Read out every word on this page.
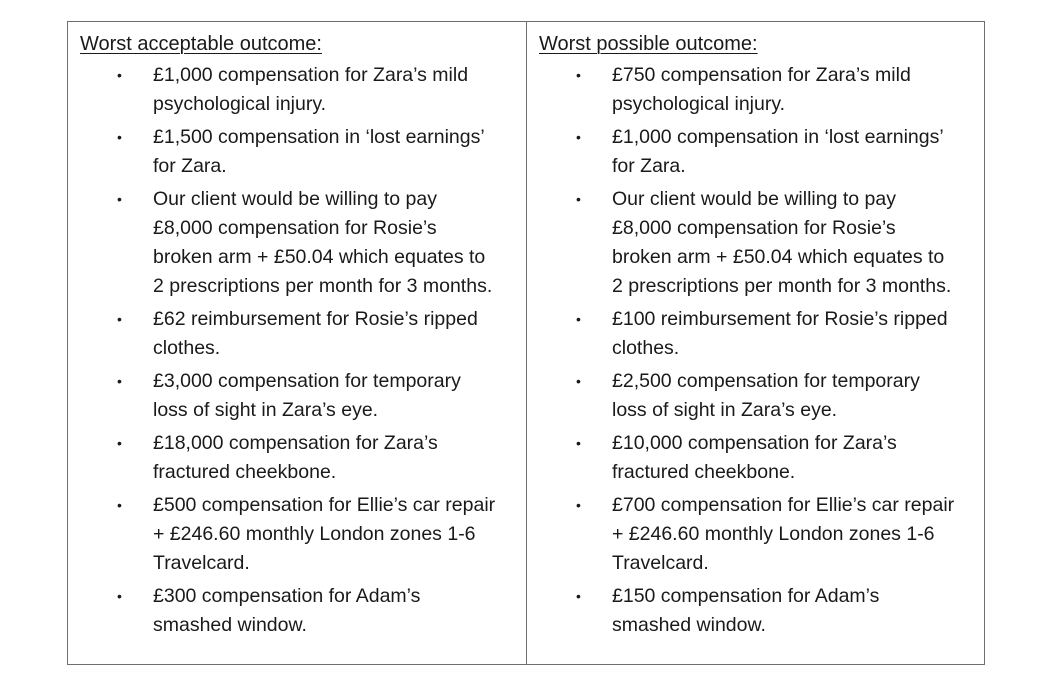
Worst acceptable outcome:
• £1,000 compensation for Zara’s mild
psychological injury.
• £1,500 compensation in ‘lost earnings’
for Zara.
• Our client would be willing to pay
£8,000 compensation for Rosie’s
broken arm + £50.04 which equates to
2 prescriptions per month for 3 months.
• £62 reimbursement for Rosie’s ripped
clothes.
• £3,000 compensation for temporary
loss of sight in Zara’s eye.
• £18,000 compensation for Zara’s
fractured cheekbone.
• £500 compensation for Ellie’s car repair
+ £246.60 monthly London zones 1-6
Travelcard.
• £300 compensation for Adam’s
smashed window.
Worst possible outcome:
• £750 compensation for Zara’s mild
psychological injury.
• £1,000 compensation in ‘lost earnings’
for Zara.
• Our client would be willing to pay
£8,000 compensation for Rosie’s
broken arm + £50.04 which equates to
2 prescriptions per month for 3 months.
• £100 reimbursement for Rosie’s ripped
clothes.
• £2,500 compensation for temporary
loss of sight in Zara’s eye.
• £10,000 compensation for Zara’s
fractured cheekbone.
• £700 compensation for Ellie’s car repair
+ £246.60 monthly London zones 1-6
Travelcard.
• £150 compensation for Adam’s
smashed window.
